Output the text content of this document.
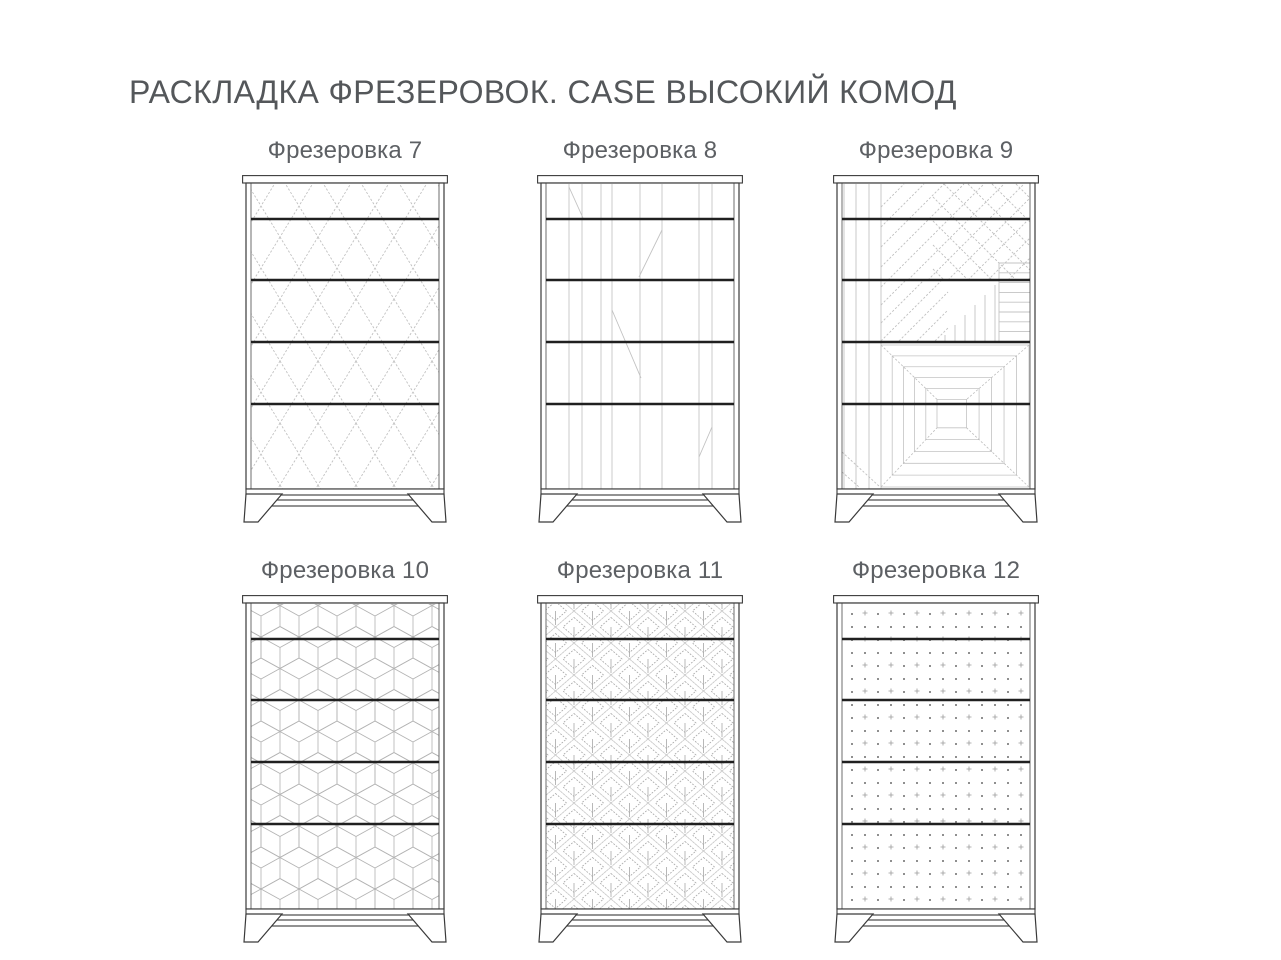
РАСКЛАДКА ФРЕЗЕРОВОК. CASE ВЫСОКИЙ КОМОД
Фрезеровка 7	Фрезеровка 8	Фрезеровка 9
Фрезеровка 10	Фрезеровка 11	Фрезеровка 12
